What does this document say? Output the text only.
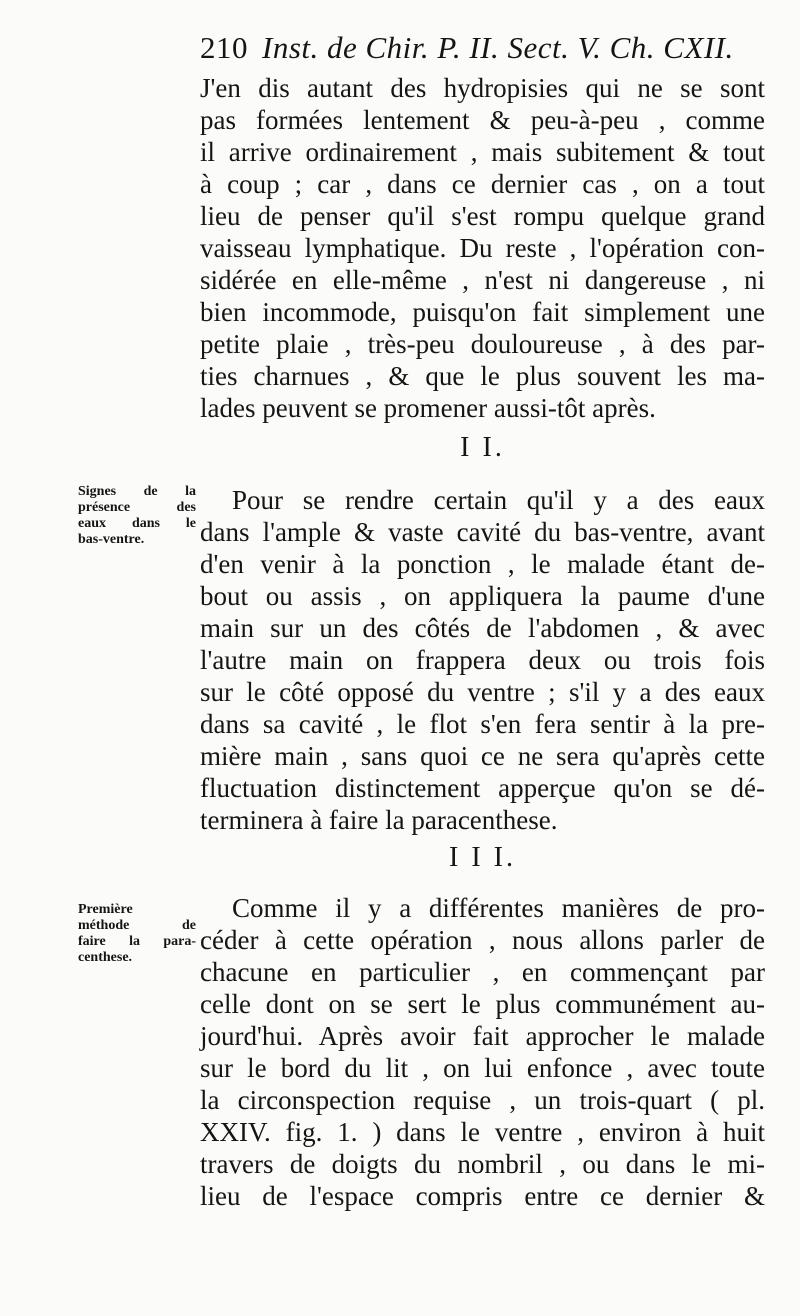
210 Inst. de Chir. P. II. Sect. V. Ch. CXII.
J'en dis autant des hydropisies qui ne se sont
pas formées lentement & peu-à-peu , comme
il arrive ordinairement , mais subitement & tout
à coup ; car , dans ce dernier cas , on a tout
lieu de penser qu'il s'est rompu quelque grand
vaisseau lymphatique. Du reste , l'opération con-
sidérée en elle-même , n'est ni dangereuse , ni
bien incommode, puisqu'on fait simplement une
petite plaie , très-peu douloureuse , à des par-
ties charnues , & que le plus souvent les ma-
lades peuvent se promener aussi-tôt après.
I I.
Signes de la
présence des
eaux dans le
bas-ventre.
Pour se rendre certain qu'il y a des eaux
dans l'ample & vaste cavité du bas-ventre, avant
d'en venir à la ponction , le malade étant de-
bout ou assis , on appliquera la paume d'une
main sur un des côtés de l'abdomen , & avec
l'autre main on frappera deux ou trois fois
sur le côté opposé du ventre ; s'il y a des eaux
dans sa cavité , le flot s'en fera sentir à la pre-
mière main , sans quoi ce ne sera qu'après cette
fluctuation distinctement apperçue qu'on se dé-
terminera à faire la paracenthese.
I I I.
Première
méthode de
faire la para-
centhese.
Comme il y a différentes manières de pro-
céder à cette opération , nous allons parler de
chacune en particulier , en commençant par
celle dont on se sert le plus communément au-
jourd'hui. Après avoir fait approcher le malade
sur le bord du lit , on lui enfonce , avec toute
la circonspection requise , un trois-quart ( pl.
XXIV. fig. 1. ) dans le ventre , environ à huit
travers de doigts du nombril , ou dans le mi-
lieu de l'espace compris entre ce dernier &
